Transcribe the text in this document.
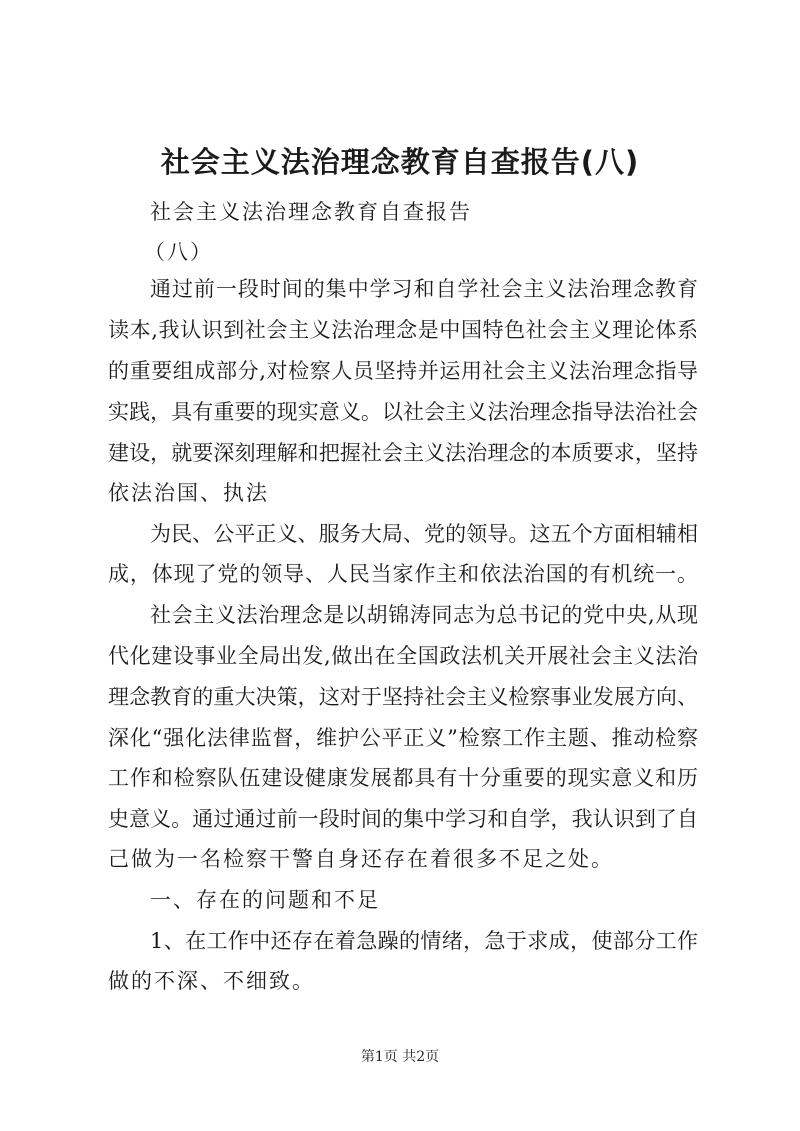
社会主义法治理念教育自查报告(八)
社会主义法治理念教育自查报告
（八）
通过前一段时间的集中学习和自学社会主义法治理念教育
读本,我认识到社会主义法治理念是中国特色社会主义理论体系
的重要组成部分,对检察人员坚持并运用社会主义法治理念指导
实践，具有重要的现实意义。以社会主义法治理念指导法治社会
建设，就要深刻理解和把握社会主义法治理念的本质要求，坚持
依法治国、执法
为民、公平正义、服务大局、党的领导。这五个方面相辅相
成，体现了党的领导、人民当家作主和依法治国的有机统一。
社会主义法治理念是以胡锦涛同志为总书记的党中央,从现
代化建设事业全局出发,做出在全国政法机关开展社会主义法治
理念教育的重大决策，这对于坚持社会主义检察事业发展方向、
深化“强化法律监督，维护公平正义”检察工作主题、推动检察
工作和检察队伍建设健康发展都具有十分重要的现实意义和历
史意义。通过通过前一段时间的集中学习和自学，我认识到了自
己做为一名检察干警自身还存在着很多不足之处。
一、存在的问题和不足
1、在工作中还存在着急躁的情绪，急于求成，使部分工作
做的不深、不细致。
第1页 共2页
